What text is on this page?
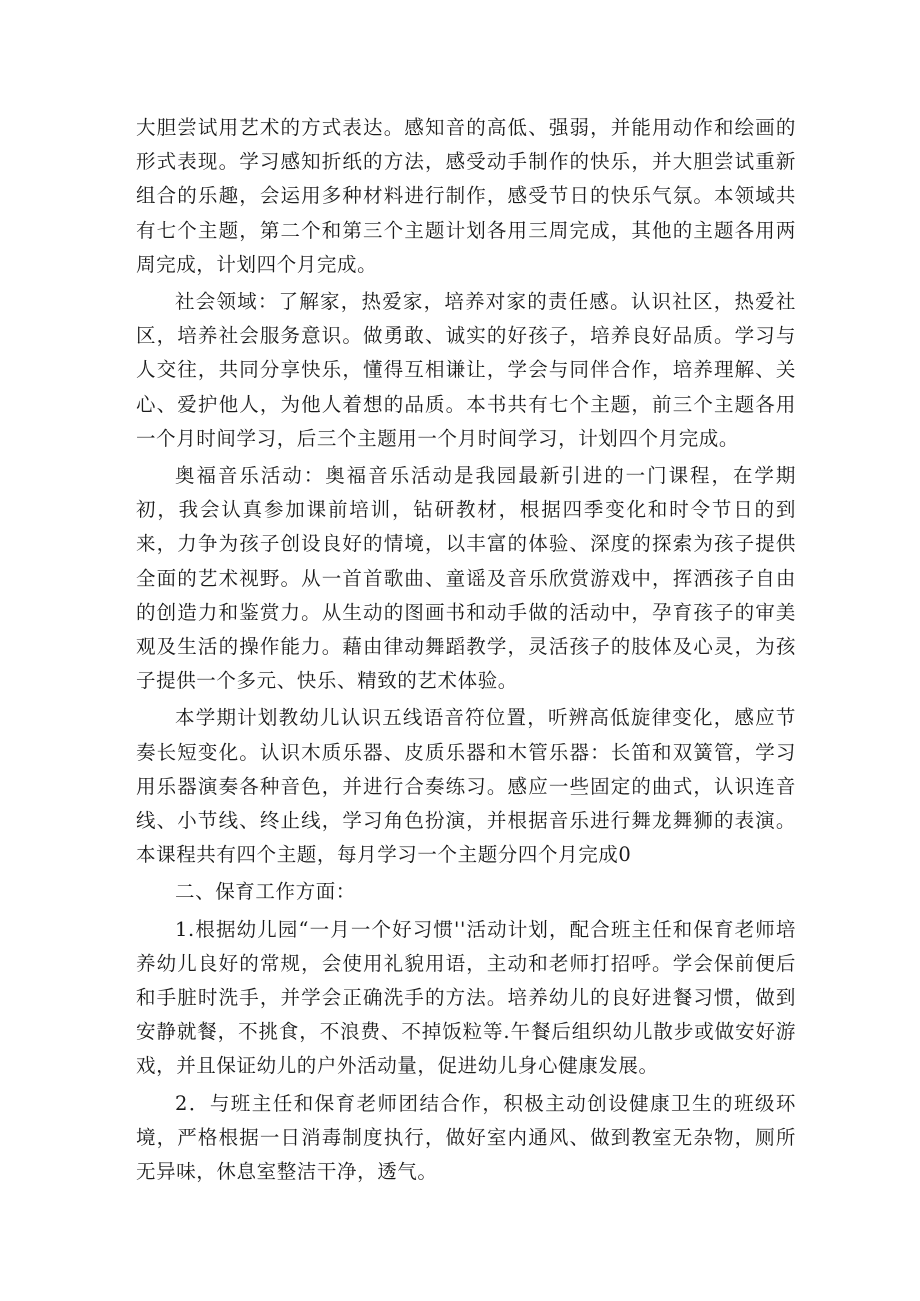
大胆尝试用艺术的方式表达。感知音的高低、强弱，并能用动作和绘画的形式表现。学习感知折纸的方法，感受动手制作的快乐，并大胆尝试重新组合的乐趣，会运用多种材料进行制作，感受节日的快乐气氛。本领域共有七个主题，第二个和第三个主题计划各用三周完成，其他的主题各用两周完成，计划四个月完成。

社会领域：了解家，热爱家，培养对家的责任感。认识社区，热爱社区，培养社会服务意识。做勇敢、诚实的好孩子，培养良好品质。学习与人交往，共同分享快乐，懂得互相谦让，学会与同伴合作，培养理解、关心、爱护他人，为他人着想的品质。本书共有七个主题，前三个主题各用一个月时间学习，后三个主题用一个月时间学习，计划四个月完成。

奥福音乐活动：奥福音乐活动是我园最新引进的一门课程，在学期初，我会认真参加课前培训，钻研教材，根据四季变化和时令节日的到来，力争为孩子创设良好的情境，以丰富的体验、深度的探索为孩子提供全面的艺术视野。从一首首歌曲、童谣及音乐欣赏游戏中，挥洒孩子自由的创造力和鉴赏力。从生动的图画书和动手做的活动中，孕育孩子的审美观及生活的操作能力。藉由律动舞蹈教学，灵活孩子的肢体及心灵，为孩子提供一个多元、快乐、精致的艺术体验。

本学期计划教幼儿认识五线语音符位置，听辨高低旋律变化，感应节奏长短变化。认识木质乐器、皮质乐器和木管乐器：长笛和双簧管，学习用乐器演奏各种音色，并进行合奏练习。感应一些固定的曲式，认识连音线、小节线、终止线，学习角色扮演，并根据音乐进行舞龙舞狮的表演。本课程共有四个主题，每月学习一个主题分四个月完成0

二、保育工作方面：

1.根据幼儿园“一月一个好习惯''活动计划，配合班主任和保育老师培养幼儿良好的常规，会使用礼貌用语，主动和老师打招呼。学会保前便后和手脏时洗手，并学会正确洗手的方法。培养幼儿的良好进餐习惯，做到安静就餐，不挑食，不浪费、不掉饭粒等.午餐后组织幼儿散步或做安好游戏，并且保证幼儿的户外活动量，促进幼儿身心健康发展。

2．与班主任和保育老师团结合作，积极主动创设健康卫生的班级环境，严格根据一日消毒制度执行，做好室内通风、做到教室无杂物，厕所无异味，休息室整洁干净，透气。
